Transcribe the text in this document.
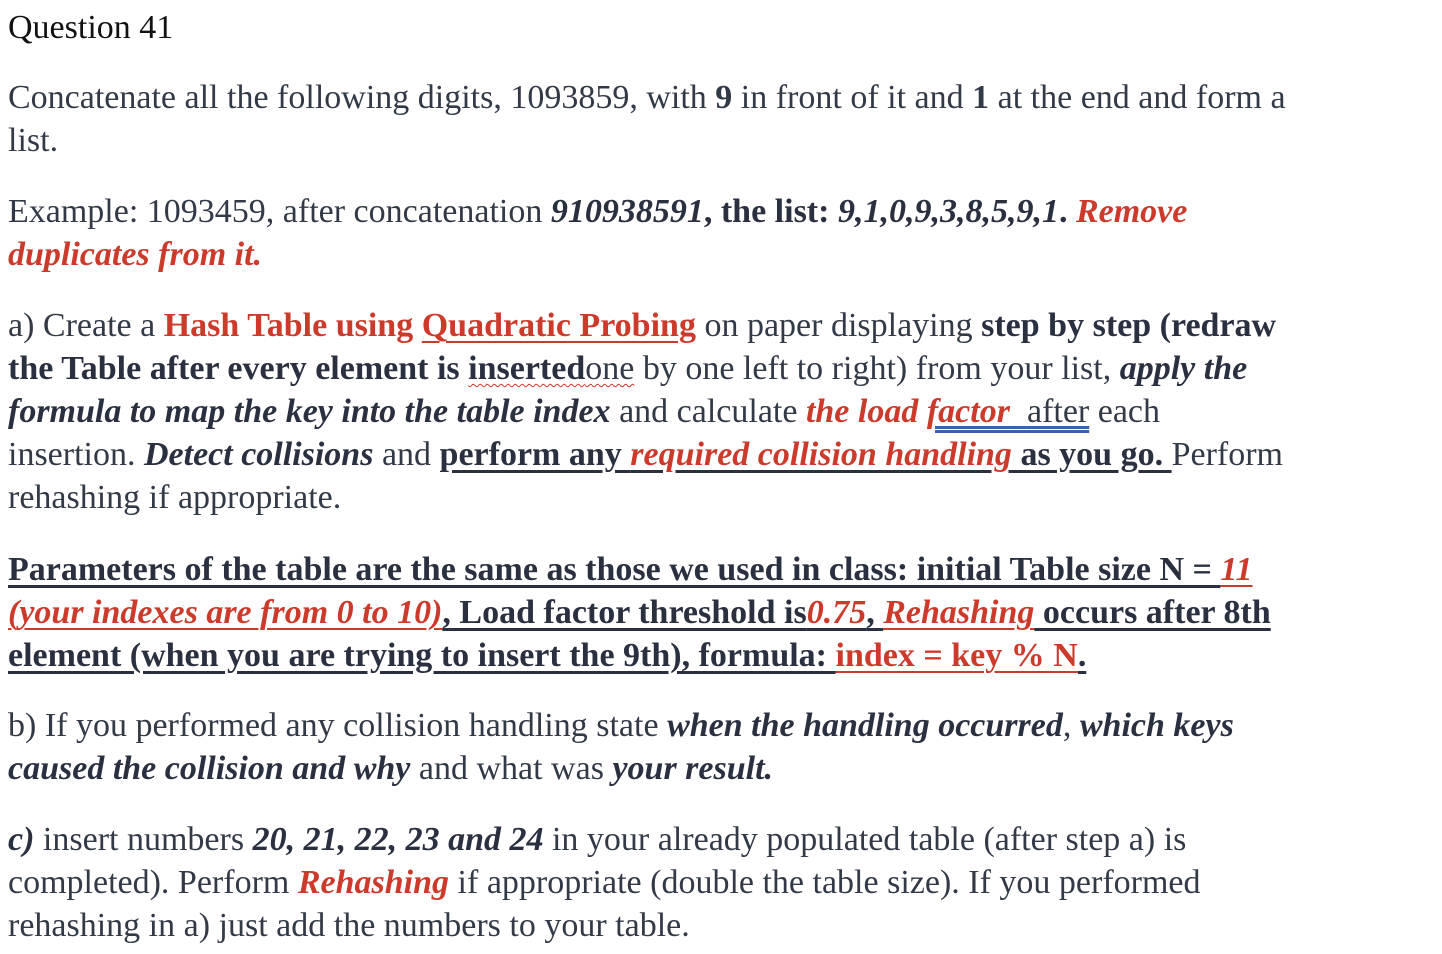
Question 41
Concatenate all the following digits, 1093859, with 9 in front of it and 1 at the end and form a
list.
Example: 1093459, after concatenation 910938591, the list: 9,1,0,9,3,8,5,9,1. Remove
duplicates from it.
a) Create a Hash Table using Quadratic Probing on paper displaying step by step (redraw
the Table after every element is insertedone by one left to right) from your list, apply the
formula to map the key into the table index and calculate the load factor after each
insertion. Detect collisions and perform any required collision handling as you go. Perform
rehashing if appropriate.
Parameters of the table are the same as those we used in class: initial Table size N = 11
(your indexes are from 0 to 10), Load factor threshold is0.75, Rehashing occurs after 8th
element (when you are trying to insert the 9th), formula: index = key % N.
b) If you performed any collision handling state when the handling occurred, which keys
caused the collision and why and what was your result.
c) insert numbers 20, 21, 22, 23 and 24 in your already populated table (after step a) is
completed). Perform Rehashing if appropriate (double the table size). If you performed
rehashing in a) just add the numbers to your table.
